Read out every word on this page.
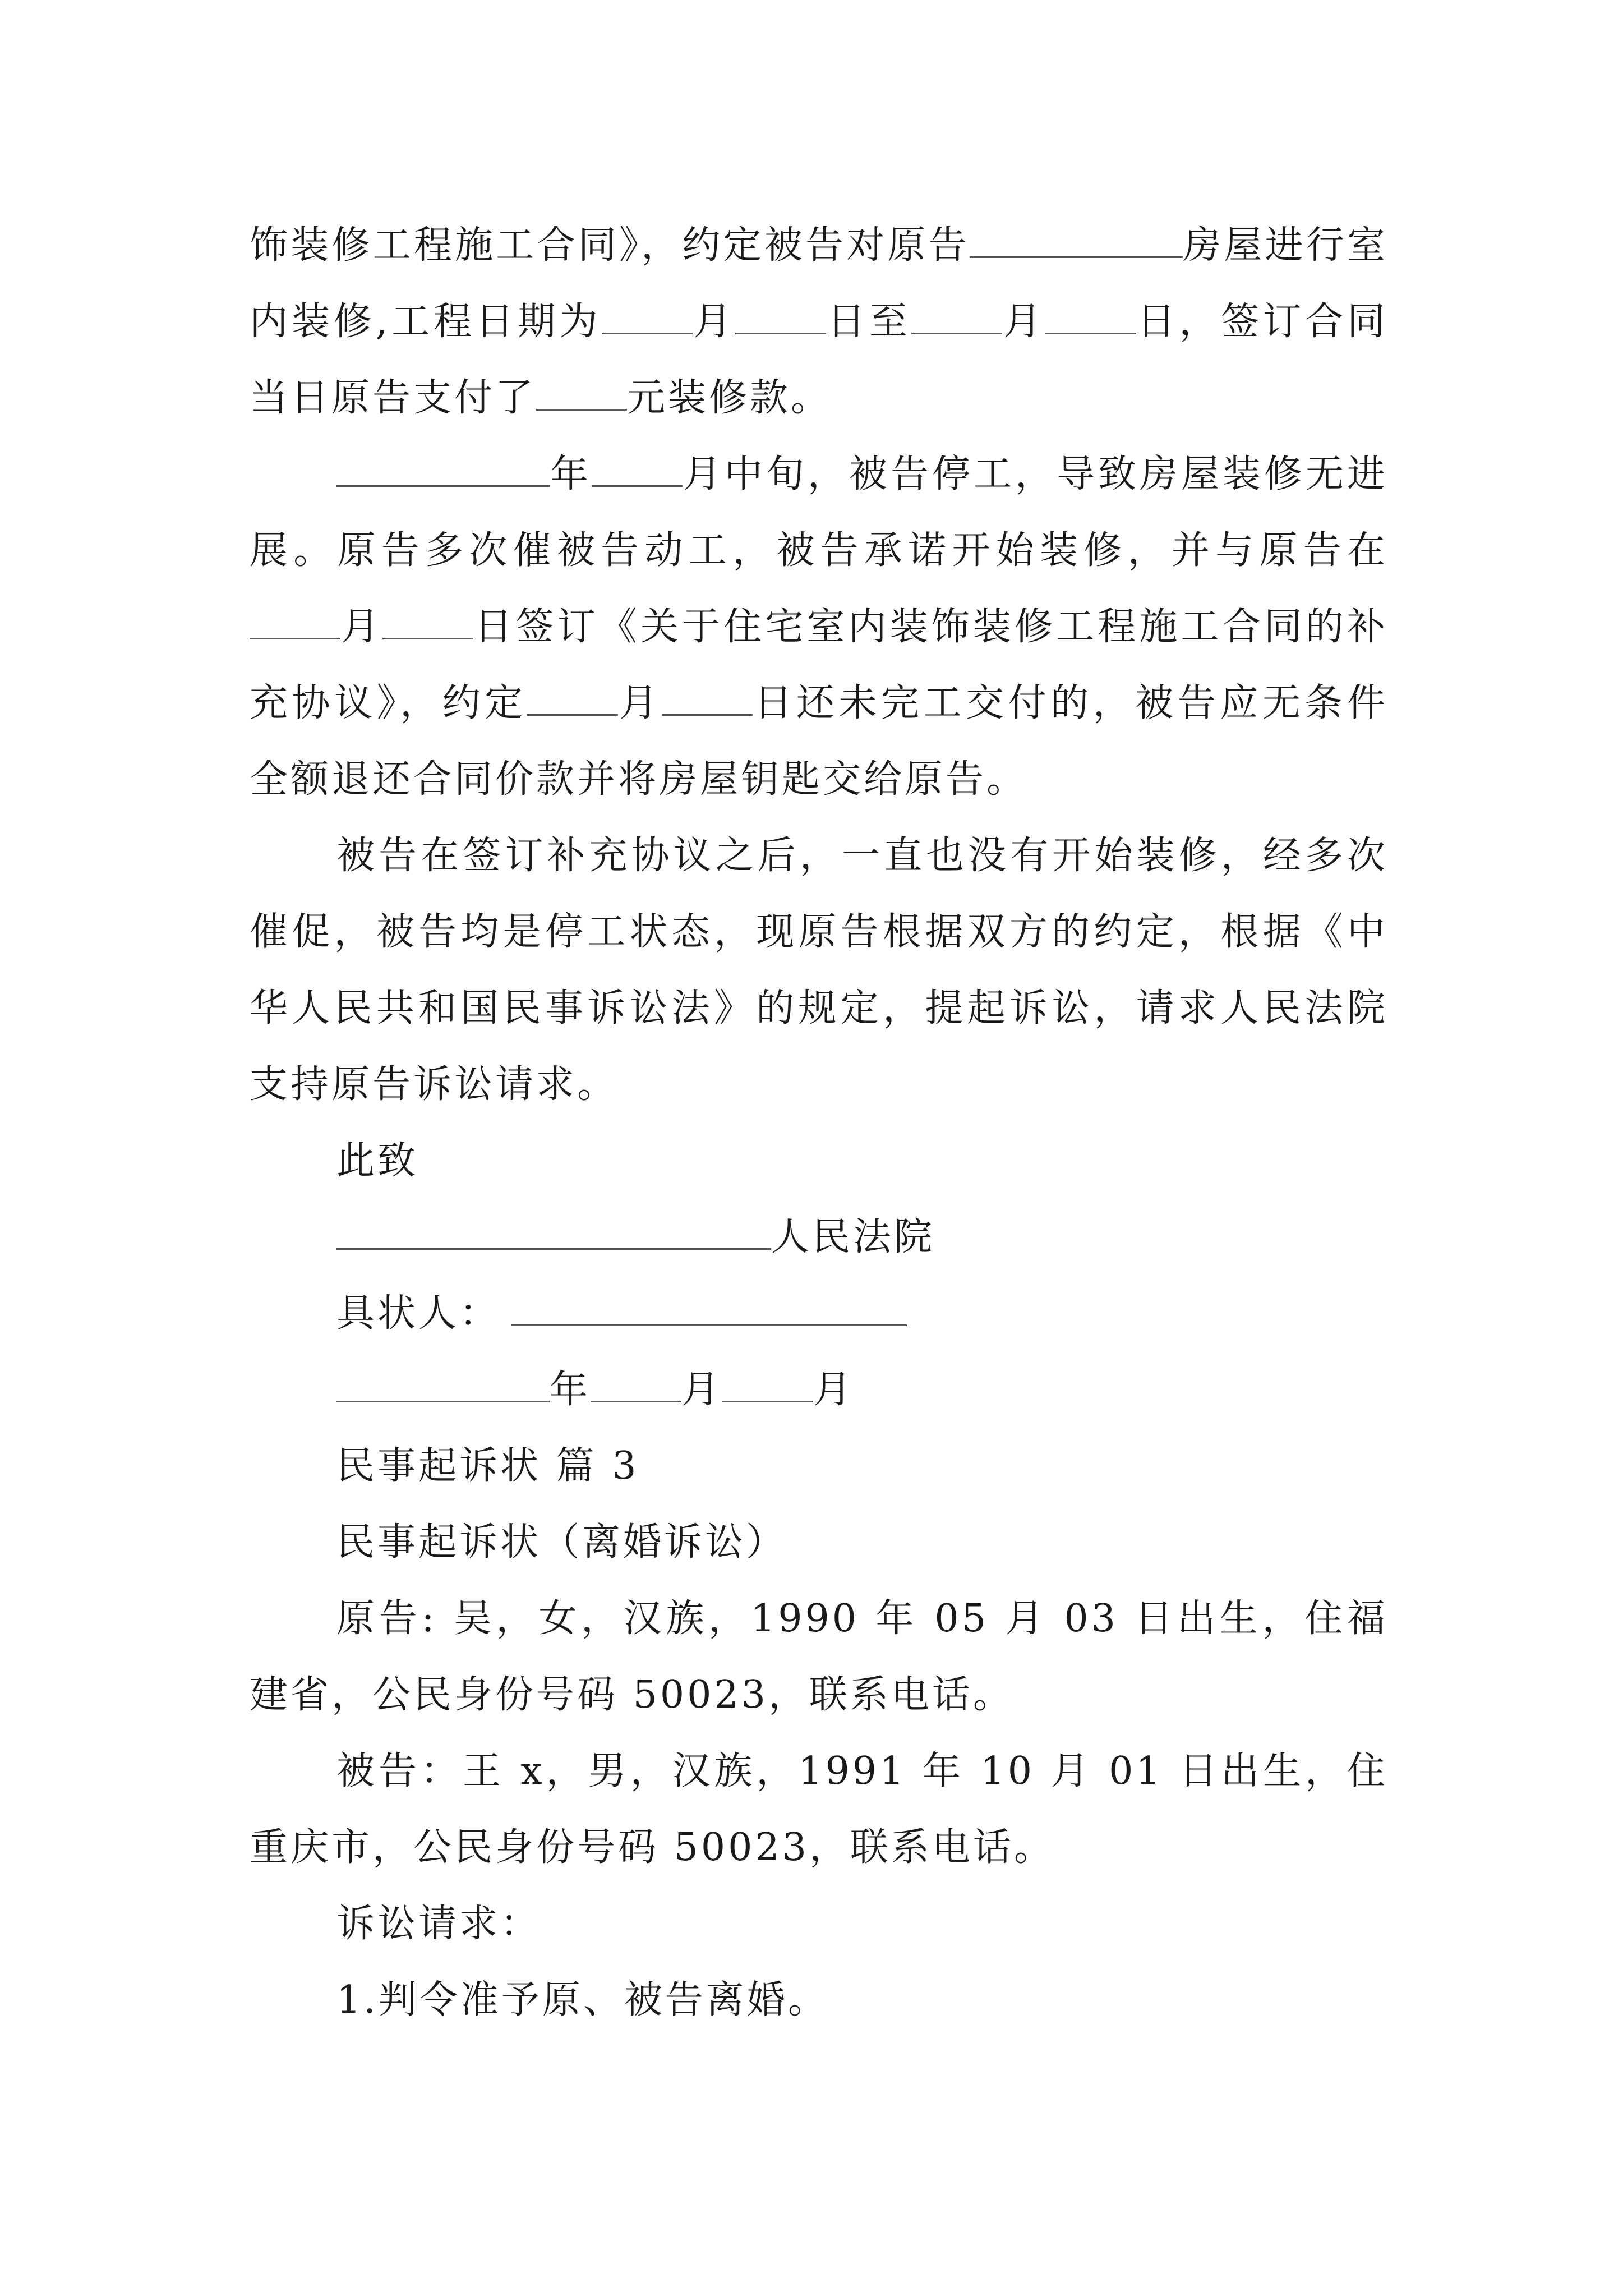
饰装修工程施工合同》，约定被告对原告	房屋进行室内装修,工程日期为 月 日至 月 日，签订合同当日原告支付了 元装修款。

年 月中旬，被告停工，导致房屋装修无进展。原告多次催被告动工，被告承诺开始装修，并与原告在月 日签订《关于住宅室内装饰装修工程施工合同的补充协议》，约定 月 日还未完工交付的，被告应无条件全额退还合同价款并将房屋钥匙交给原告。

被告在签订补充协议之后，一直也没有开始装修，经多次催促，被告均是停工状态，现原告根据双方的约定，根据《中华人民共和国民事诉讼法》的规定，提起诉讼，请求人民法院支持原告诉讼请求。

此致
人民法院
具状人：
年 月 月
民事起诉状 篇 3
民事起诉状（离婚诉讼）

原告: 吴，女，汉族，1990 年 05 月 03 日出生，住福建省，公民身份号码 50023，联系电话。

被告：王 x，男，汉族，1991 年 10 月 01 日出生，住重庆市，公民身份号码 50023，联系电话。

诉讼请求：
1.判令准予原、被告离婚。
